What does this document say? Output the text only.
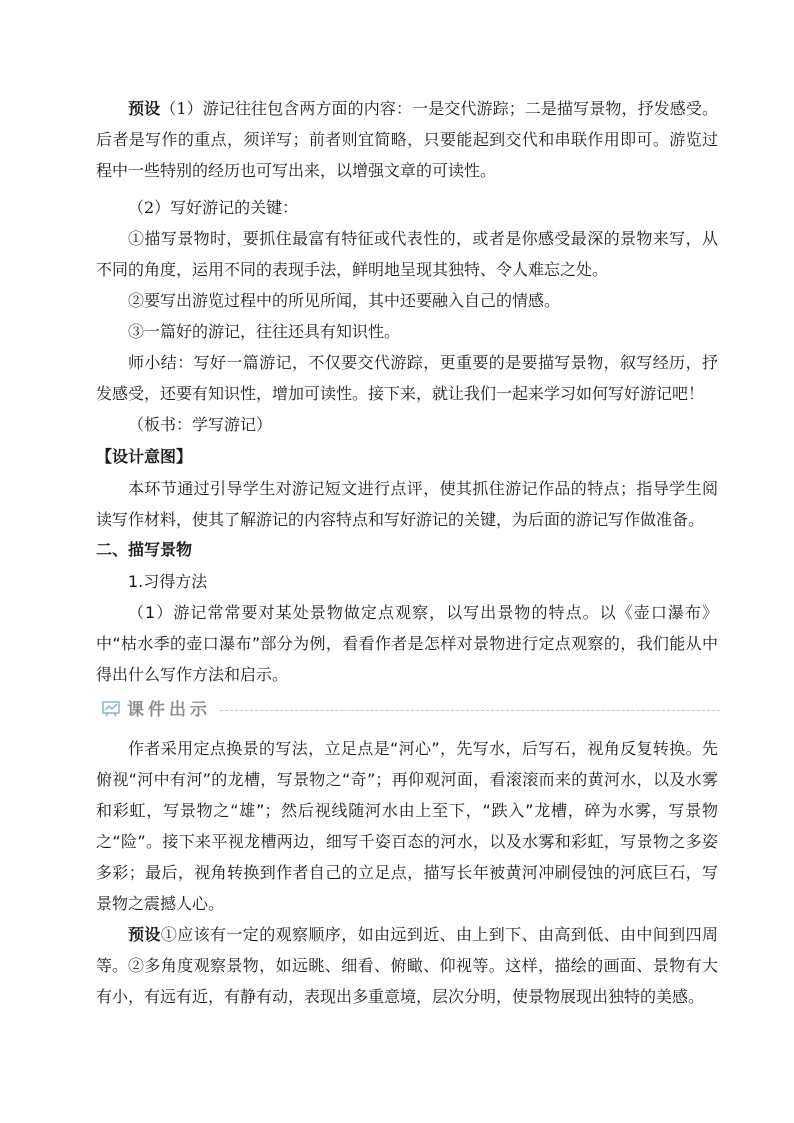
预设（1）游记往往包含两方面的内容：一是交代游踪；二是描写景物，抒发感受。后者是写作的重点，须详写；前者则宜简略，只要能起到交代和串联作用即可。游览过程中一些特别的经历也可写出来，以增强文章的可读性。

（2）写好游记的关键：

①描写景物时，要抓住最富有特征或代表性的，或者是你感受最深的景物来写，从不同的角度，运用不同的表现手法，鲜明地呈现其独特、令人难忘之处。

②要写出游览过程中的所见所闻，其中还要融入自己的情感。

③一篇好的游记，往往还具有知识性。

师小结：写好一篇游记，不仅要交代游踪，更重要的是要描写景物，叙写经历，抒发感受，还要有知识性，增加可读性。接下来，就让我们一起来学习如何写好游记吧！

（板书：学写游记）

【设计意图】

本环节通过引导学生对游记短文进行点评，使其抓住游记作品的特点；指导学生阅读写作材料，使其了解游记的内容特点和写好游记的关键，为后面的游记写作做准备。

二、描写景物

1.习得方法

（1）游记常常要对某处景物做定点观察，以写出景物的特点。以《壶口瀑布》中“枯水季的壶口瀑布”部分为例，看看作者是怎样对景物进行定点观察的，我们能从中得出什么写作方法和启示。

课件出示

作者采用定点换景的写法，立足点是“河心”，先写水，后写石，视角反复转换。先俯视“河中有河”的龙槽，写景物之“奇”；再仰观河面，看滚滚而来的黄河水，以及水雾和彩虹，写景物之“雄”；然后视线随河水由上至下，“跌入”龙槽，碎为水雾，写景物之“险”。接下来平视龙槽两边，细写千姿百态的河水，以及水雾和彩虹，写景物之多姿多彩；最后，视角转换到作者自己的立足点，描写长年被黄河冲刷侵蚀的河底巨石，写景物之震撼人心。

预设①应该有一定的观察顺序，如由远到近、由上到下、由高到低、由中间到四周等。 ②多角度观察景物，如远眺、细看、俯瞰、仰视等。这样，描绘的画面、景物有大有小，有远有近，有静有动，表现出多重意境，层次分明，使景物展现出独特的美感。
